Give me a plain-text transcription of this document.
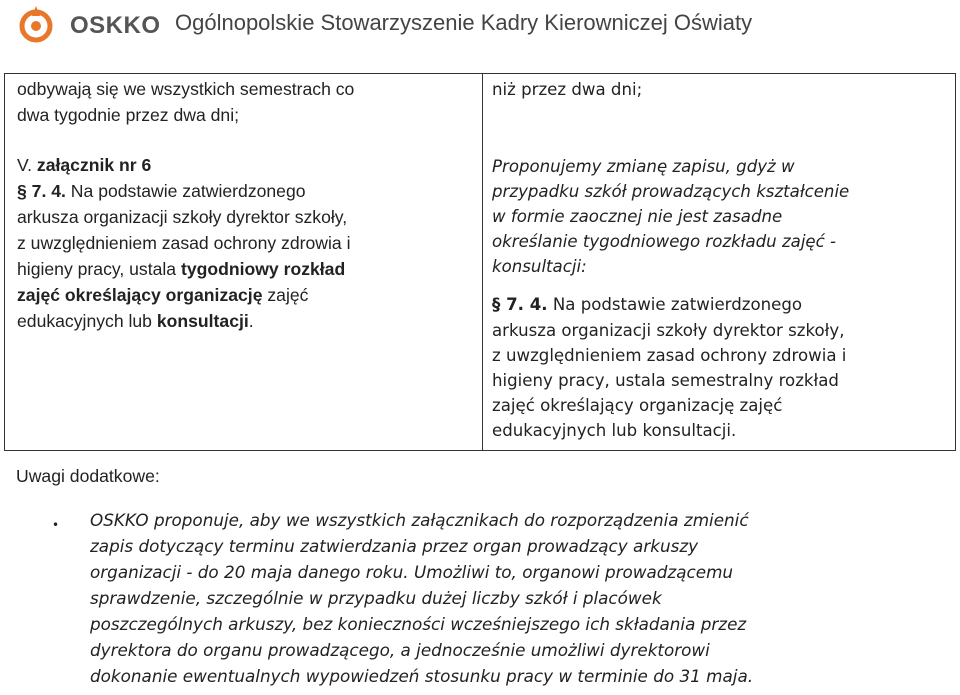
OSKKO Ogólnopolskie Stowarzyszenie Kadry Kierowniczej Oświaty
odbywają się we wszystkich semestrach co
dwa tygodnie przez dwa dni;
V. załącznik nr 6
§ 7. 4. Na podstawie zatwierdzonego
arkusza organizacji szkoły dyrektor szkoły,
z uwzględnieniem zasad ochrony zdrowia i
higieny pracy, ustala tygodniowy rozkład
zajęć określający organizację zajęć
edukacyjnych lub konsultacji.
niż przez dwa dni;
Proponujemy zmianę zapisu, gdyż w
przypadku szkół prowadzących kształcenie
w formie zaocznej nie jest zasadne
określanie tygodniowego rozkładu zajęć -
konsultacji:
§ 7. 4. Na podstawie zatwierdzonego
arkusza organizacji szkoły dyrektor szkoły,
z uwzględnieniem zasad ochrony zdrowia i
higieny pracy, ustala semestralny rozkład
zajęć określający organizację zajęć
edukacyjnych lub konsultacji.
Uwagi dodatkowe:
• OSKKO proponuje, aby we wszystkich załącznikach do rozporządzenia zmienić
zapis dotyczący terminu zatwierdzania przez organ prowadzący arkuszy
organizacji - do 20 maja danego roku. Umożliwi to, organowi prowadzącemu
sprawdzenie, szczególnie w przypadku dużej liczby szkół i placówek
poszczególnych arkuszy, bez konieczności wcześniejszego ich składania przez
dyrektora do organu prowadzącego, a jednocześnie umożliwi dyrektorowi
dokonanie ewentualnych wypowiedzeń stosunku pracy w terminie do 31 maja.
